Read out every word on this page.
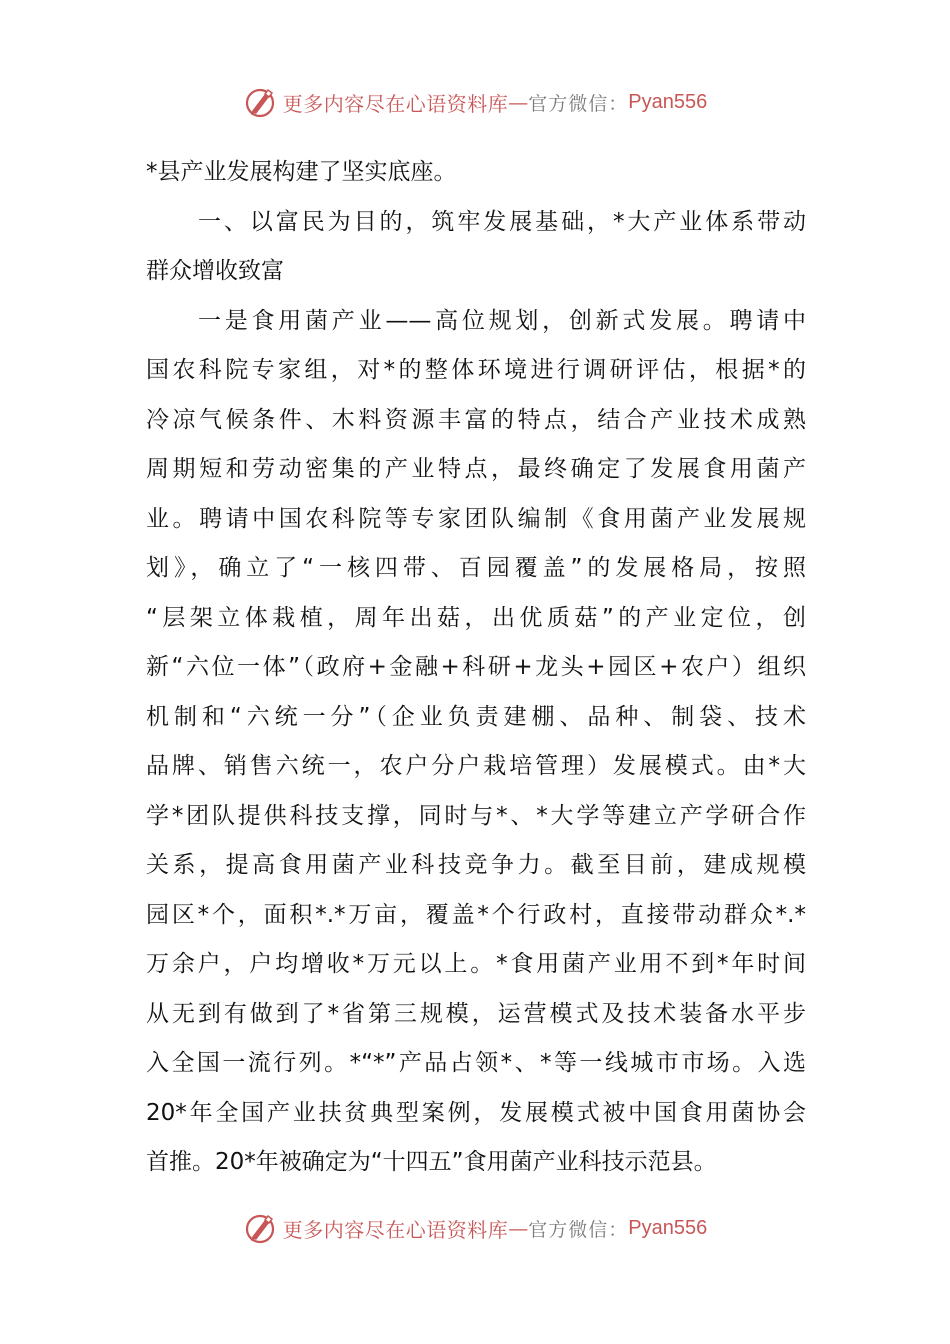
更多内容尽在心语资料库 — 官方微信： Pyan556
*县产业发展构建了坚实底座。
一、以富民为目的，筑牢发展基础，*大产业体系带动
群众增收致富
一是食用菌产业——高位规划，创新式发展。聘请中
国农科院专家组，对*的整体环境进行调研评估，根据*的
冷凉气候条件、木料资源丰富的特点，结合产业技术成熟
周期短和劳动密集的产业特点，最终确定了发展食用菌产
业。聘请中国农科院等专家团队编制《食用菌产业发展规
划》，确立了“一核四带、百园覆盖”的发展格局，按照
“层架立体栽植，周年出菇，出优质菇”的产业定位，创
新“六位一体”（政府+金融+科研+龙头+园区+农户）组织
机制和“六统一分”（企业负责建棚、品种、制袋、技术
品牌、销售六统一，农户分户栽培管理）发展模式。由*大
学*团队提供科技支撑，同时与*、*大学等建立产学研合作
关系，提高食用菌产业科技竞争力。截至目前，建成规模
园区*个，面积*.*万亩，覆盖*个行政村，直接带动群众*.*
万余户，户均增收*万元以上。*食用菌产业用不到*年时间
从无到有做到了*省第三规模，运营模式及技术装备水平步
入全国一流行列。*“*”产品占领*、*等一线城市市场。入选
20*年全国产业扶贫典型案例，发展模式被中国食用菌协会
首推。20*年被确定为“十四五”食用菌产业科技示范县。
更多内容尽在心语资料库 — 官方微信： Pyan556
